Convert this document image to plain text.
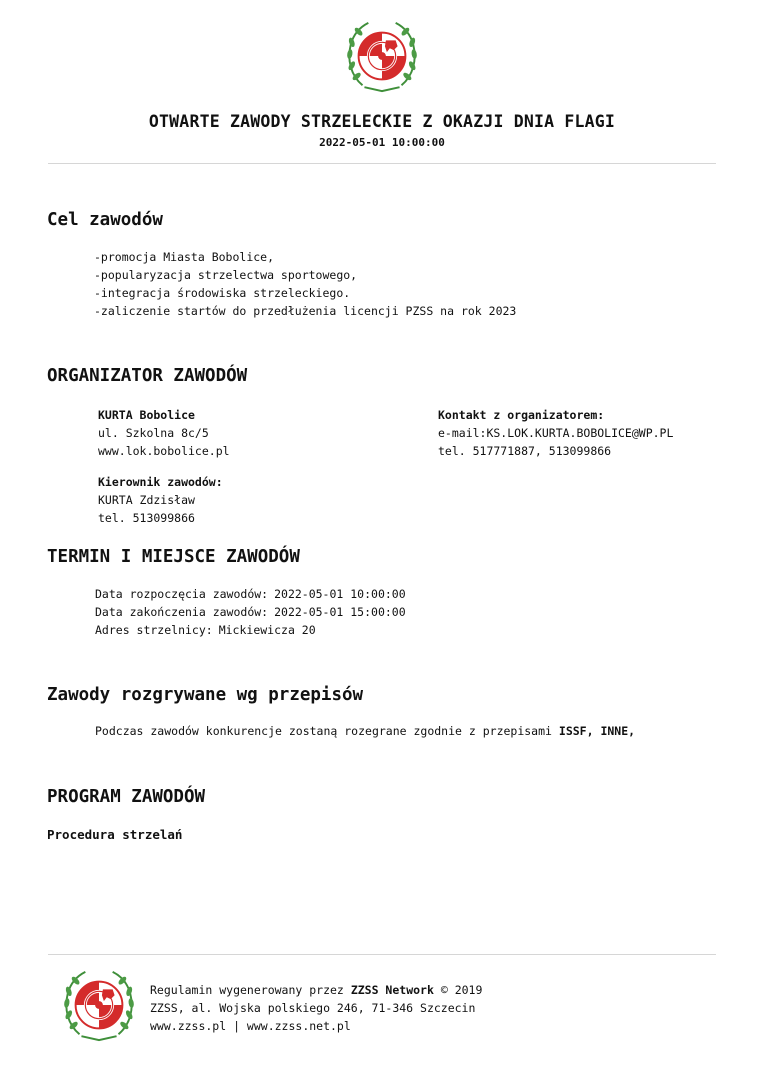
OTWARTE ZAWODY STRZELECKIE Z OKAZJI DNIA FLAGI
2022-05-01 10:00:00
Cel zawodów
-promocja Miasta Bobolice,
-popularyzacja strzelectwa sportowego,
-integracja środowiska strzeleckiego.
-zaliczenie startów do przedłużenia licencji PZSS na rok 2023
ORGANIZATOR ZAWODÓW
KURTA Bobolice
ul. Szkolna 8c/5
www.lok.bobolice.pl
Kontakt z organizatorem:
e-mail:KS.LOK.KURTA.BOBOLICE@WP.PL
tel. 517771887, 513099866
Kierownik zawodów:
KURTA Zdzisław
tel. 513099866
TERMIN I MIEJSCE ZAWODÓW
Data rozpoczęcia zawodów: 2022-05-01 10:00:00
Data zakończenia zawodów: 2022-05-01 15:00:00
Adres strzelnicy: Mickiewicza 20
Zawody rozgrywane wg przepisów
Podczas zawodów konkurencje zostaną rozegrane zgodnie z przepisami ISSF, INNE,
PROGRAM ZAWODÓW
Procedura strzelań
Regulamin wygenerowany przez ZZSS Network © 2019
ZZSS, al. Wojska polskiego 246, 71-346 Szczecin
www.zzss.pl | www.zzss.net.pl
